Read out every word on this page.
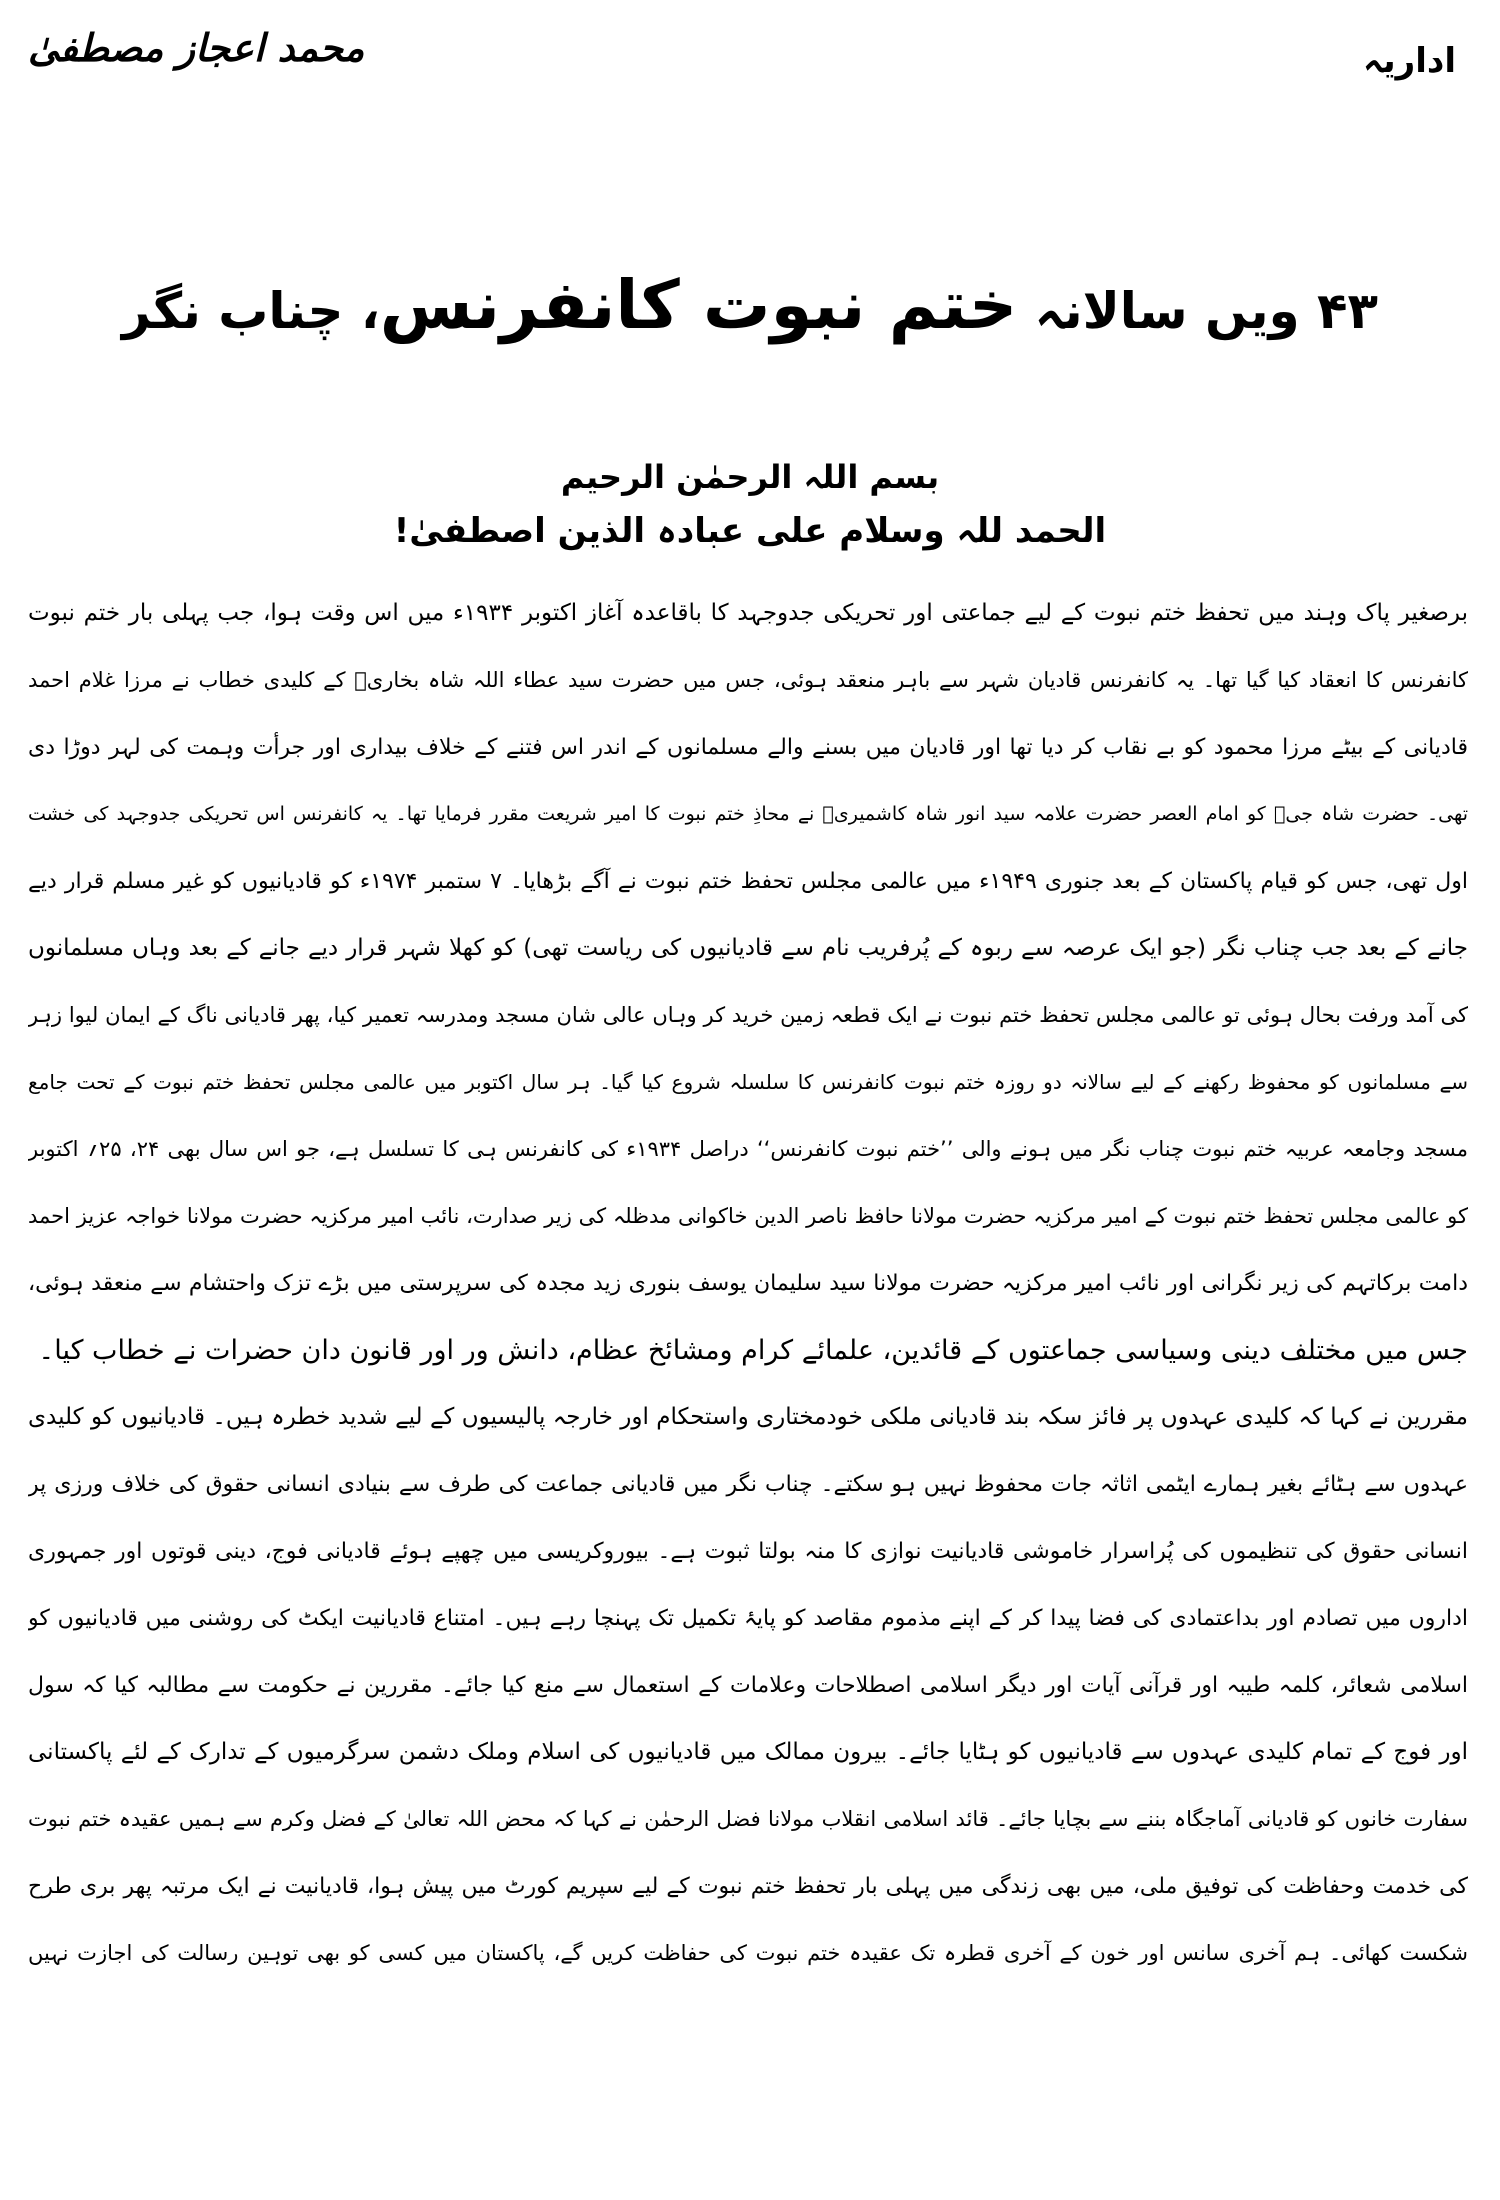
اداریہ
محمد اعجاز مصطفیٰ
۴۳ ویں سالانہ ختم نبوت کانفرنس، چناب نگر
بسم اللہ الرحمٰن الرحیم
الحمد للہ وسلام علی عبادہ الذین اصطفیٰ!
برصغیر پاک وہند میں تحفظ ختم نبوت کے لیے جماعتی اور تحریکی جدوجہد کا باقاعدہ آغاز اکتوبر ۱۹۳۴ء میں اس وقت ہوا، جب پہلی بار ختم نبوت
کانفرنس کا انعقاد کیا گیا تھا۔ یہ کانفرنس قادیان شہر سے باہر منعقد ہوئی، جس میں حضرت سید عطاء اللہ شاہ بخاریؒ کے کلیدی خطاب نے مرزا غلام احمد
قادیانی کے بیٹے مرزا محمود کو بے نقاب کر دیا تھا اور قادیان میں بسنے والے مسلمانوں کے اندر اس فتنے کے خلاف بیداری اور جرأت وہمت کی لہر دوڑا دی
تھی۔ حضرت شاہ جیؒ کو امام العصر حضرت علامہ سید انور شاہ کاشمیریؒ نے محاذِ ختم نبوت کا امیر شریعت مقرر فرمایا تھا۔ یہ کانفرنس اس تحریکی جدوجہد کی خشت
اول تھی، جس کو قیام پاکستان کے بعد جنوری ۱۹۴۹ء میں عالمی مجلس تحفظ ختم نبوت نے آگے بڑھایا۔ ۷ ستمبر ۱۹۷۴ء کو قادیانیوں کو غیر مسلم قرار دیے
جانے کے بعد جب چناب نگر (جو ایک عرصہ سے ربوہ کے پُرفریب نام سے قادیانیوں کی ریاست تھی) کو کھلا شہر قرار دیے جانے کے بعد وہاں مسلمانوں
کی آمد ورفت بحال ہوئی تو عالمی مجلس تحفظ ختم نبوت نے ایک قطعہ زمین خرید کر وہاں عالی شان مسجد ومدرسہ تعمیر کیا، پھر قادیانی ناگ کے ایمان لیوا زہر
سے مسلمانوں کو محفوظ رکھنے کے لیے سالانہ دو روزہ ختم نبوت کانفرنس کا سلسلہ شروع کیا گیا۔ ہر سال اکتوبر میں عالمی مجلس تحفظ ختم نبوت کے تحت جامع
مسجد وجامعہ عربیہ ختم نبوت چناب نگر میں ہونے والی ’’ختم نبوت کانفرنس‘‘ دراصل ۱۹۳۴ء کی کانفرنس ہی کا تسلسل ہے، جو اس سال بھی ۲۴، ۲۵؍ اکتوبر
کو عالمی مجلس تحفظ ختم نبوت کے امیر مرکزیہ حضرت مولانا حافظ ناصر الدین خاکوانی مدظلہ کی زیر صدارت، نائب امیر مرکزیہ حضرت مولانا خواجہ عزیز احمد
دامت برکاتہم کی زیر نگرانی اور نائب امیر مرکزیہ حضرت مولانا سید سلیمان یوسف بنوری زید مجدہ کی سرپرستی میں بڑے تزک واحتشام سے منعقد ہوئی،
جس میں مختلف دینی وسیاسی جماعتوں کے قائدین، علمائے کرام ومشائخ عظام، دانش ور اور قانون دان حضرات نے خطاب کیا۔
مقررین نے کہا کہ کلیدی عہدوں پر فائز سکہ بند قادیانی ملکی خودمختاری واستحکام اور خارجہ پالیسیوں کے لیے شدید خطرہ ہیں۔ قادیانیوں کو کلیدی
عہدوں سے ہٹائے بغیر ہمارے ایٹمی اثاثہ جات محفوظ نہیں ہو سکتے۔ چناب نگر میں قادیانی جماعت کی طرف سے بنیادی انسانی حقوق کی خلاف ورزی پر
انسانی حقوق کی تنظیموں کی پُراسرار خاموشی قادیانیت نوازی کا منہ بولتا ثبوت ہے۔ بیوروکریسی میں چھپے ہوئے قادیانی فوج، دینی قوتوں اور جمہوری
اداروں میں تصادم اور بداعتمادی کی فضا پیدا کر کے اپنے مذموم مقاصد کو پایۂ تکمیل تک پہنچا رہے ہیں۔ امتناع قادیانیت ایکٹ کی روشنی میں قادیانیوں کو
اسلامی شعائر، کلمہ طیبہ اور قرآنی آیات اور دیگر اسلامی اصطلاحات وعلامات کے استعمال سے منع کیا جائے۔ مقررین نے حکومت سے مطالبہ کیا کہ سول
اور فوج کے تمام کلیدی عہدوں سے قادیانیوں کو ہٹایا جائے۔ بیرون ممالک میں قادیانیوں کی اسلام وملک دشمن سرگرمیوں کے تدارک کے لئے پاکستانی
سفارت خانوں کو قادیانی آماجگاہ بننے سے بچایا جائے۔ قائد اسلامی انقلاب مولانا فضل الرحمٰن نے کہا کہ محض اللہ تعالیٰ کے فضل وکرم سے ہمیں عقیدہ ختم نبوت
کی خدمت وحفاظت کی توفیق ملی، میں بھی زندگی میں پہلی بار تحفظ ختم نبوت کے لیے سپریم کورٹ میں پیش ہوا، قادیانیت نے ایک مرتبہ پھر بری طرح
شکست کھائی۔ ہم آخری سانس اور خون کے آخری قطرہ تک عقیدہ ختم نبوت کی حفاظت کریں گے، پاکستان میں کسی کو بھی توہین رسالت کی اجازت نہیں
